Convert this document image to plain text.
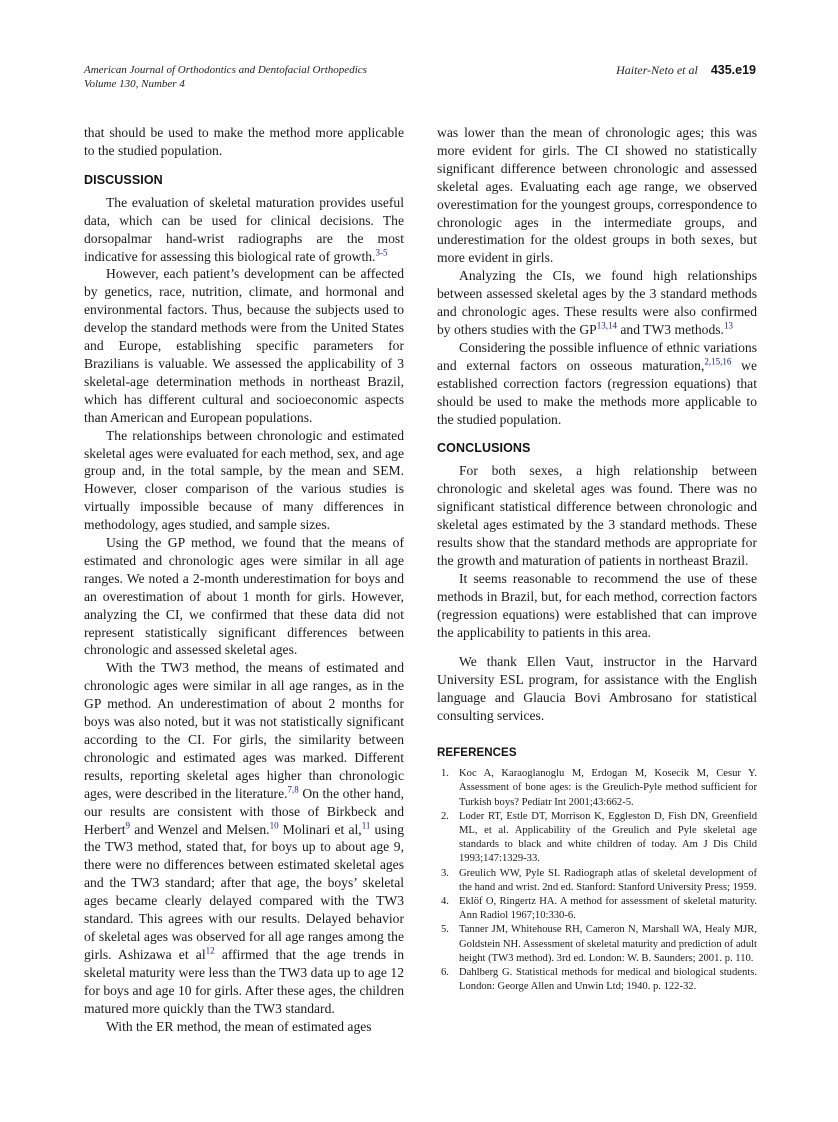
American Journal of Orthodontics and Dentofacial Orthopedics
Volume 130, Number 4
Haiter-Neto et al 435.e19

that should be used to make the method more applicable to the studied population.

DISCUSSION

The evaluation of skeletal maturation provides useful data, which can be used for clinical decisions. The dorsopalmar hand-wrist radiographs are the most indicative for assessing this biological rate of growth.$^{3-5}$

However, each patient’s development can be affected by genetics, race, nutrition, climate, and hormonal and environmental factors. Thus, because the subjects used to develop the standard methods were from the United States and Europe, establishing specific parameters for Brazilians is valuable. We assessed the applicability of 3 skeletal-age determination methods in northeast Brazil, which has different cultural and socioeconomic aspects than American and European populations.

The relationships between chronologic and estimated skeletal ages were evaluated for each method, sex, and age group and, in the total sample, by the mean and SEM. However, closer comparison of the various studies is virtually impossible because of many differences in methodology, ages studied, and sample sizes.

Using the GP method, we found that the means of estimated and chronologic ages were similar in all age ranges. We noted a 2-month underestimation for boys and an overestimation of about 1 month for girls. However, analyzing the CI, we confirmed that these data did not represent statistically significant differences between chronologic and assessed skeletal ages.

With the TW3 method, the means of estimated and chronologic ages were similar in all age ranges, as in the GP method. An underestimation of about 2 months for boys was also noted, but it was not statistically significant according to the CI. For girls, the similarity between chronologic and estimated ages was marked. Different results, reporting skeletal ages higher than chronologic ages, were described in the literature.$^{7,8}$ On the other hand, our results are consistent with those of Birkbeck and Herbert$^9$ and Wenzel and Melsen.$^{10}$ Molinari et al,$^{11}$ using the TW3 method, stated that, for boys up to about age 9, there were no differences between estimated skeletal ages and the TW3 standard; after that age, the boys’ skeletal ages became clearly delayed compared with the TW3 standard. This agrees with our results. Delayed behavior of skeletal ages was observed for all age ranges among the girls. Ashizawa et $al^{12}$ affirmed that the age trends in skeletal maturity were less than the TW3 data up to age 12 for boys and age 10 for girls. After these ages, the children matured more quickly than the TW3 standard.

With the ER method, the mean of estimated ages

was lower than the mean of chronologic ages; this was more evident for girls. The CI showed no statistically significant difference between chronologic and assessed skeletal ages. Evaluating each age range, we observed overestimation for the youngest groups, correspondence to chronologic ages in the intermediate groups, and underestimation for the oldest groups in both sexes, but more evident in girls.

Analyzing the CIs, we found high relationships between assessed skeletal ages by the 3 standard methods and chronologic ages. These results were also confirmed by others studies with the GP$^{13,14}$ and TW3 methods.$^{13}$

Considering the possible influence of ethnic variations and external factors on osseous maturation,$^{2,15,16}$ we established correction factors (regression equations) that should be used to make the methods more applicable to the studied population.

CONCLUSIONS

For both sexes, a high relationship between chronologic and skeletal ages was found. There was no significant statistical difference between chronologic and skeletal ages estimated by the 3 standard methods. These results show that the standard methods are appropriate for the growth and maturation of patients in northeast Brazil.

It seems reasonable to recommend the use of these methods in Brazil, but, for each method, correction factors (regression equations) were established that can improve the applicability to patients in this area.

We thank Ellen Vaut, instructor in the Harvard University ESL program, for assistance with the English language and Glaucia Bovi Ambrosano for statistical consulting services.

REFERENCES
1. Koc A, Karaoglanoglu M, Erdogan M, Kosecik M, Cesur Y. Assessment of bone ages: is the Greulich-Pyle method sufficient for Turkish boys? Pediatr Int 2001;43:662-5.
2. Loder RT, Estle DT, Morrison K, Eggleston D, Fish DN, Greenfield ML, et al. Applicability of the Greulich and Pyle skeletal age standards to black and white children of today. Am J Dis Child 1993;147:1329-33.
3. Greulich WW, Pyle SI. Radiograph atlas of skeletal development of the hand and wrist. 2nd ed. Stanford: Stanford University Press; 1959.
4. Eklöf O, Ringertz HA. A method for assessment of skeletal maturity. Ann Radiol 1967;10:330-6.
5. Tanner JM, Whitehouse RH, Cameron N, Marshall WA, Healy MJR, Goldstein NH. Assessment of skeletal maturity and prediction of adult height (TW3 method). 3rd ed. London: W. B. Saunders; 2001. p. 110.
6. Dahlberg G. Statistical methods for medical and biological students. London: George Allen and Unwin Ltd; 1940. p. 122-32.
